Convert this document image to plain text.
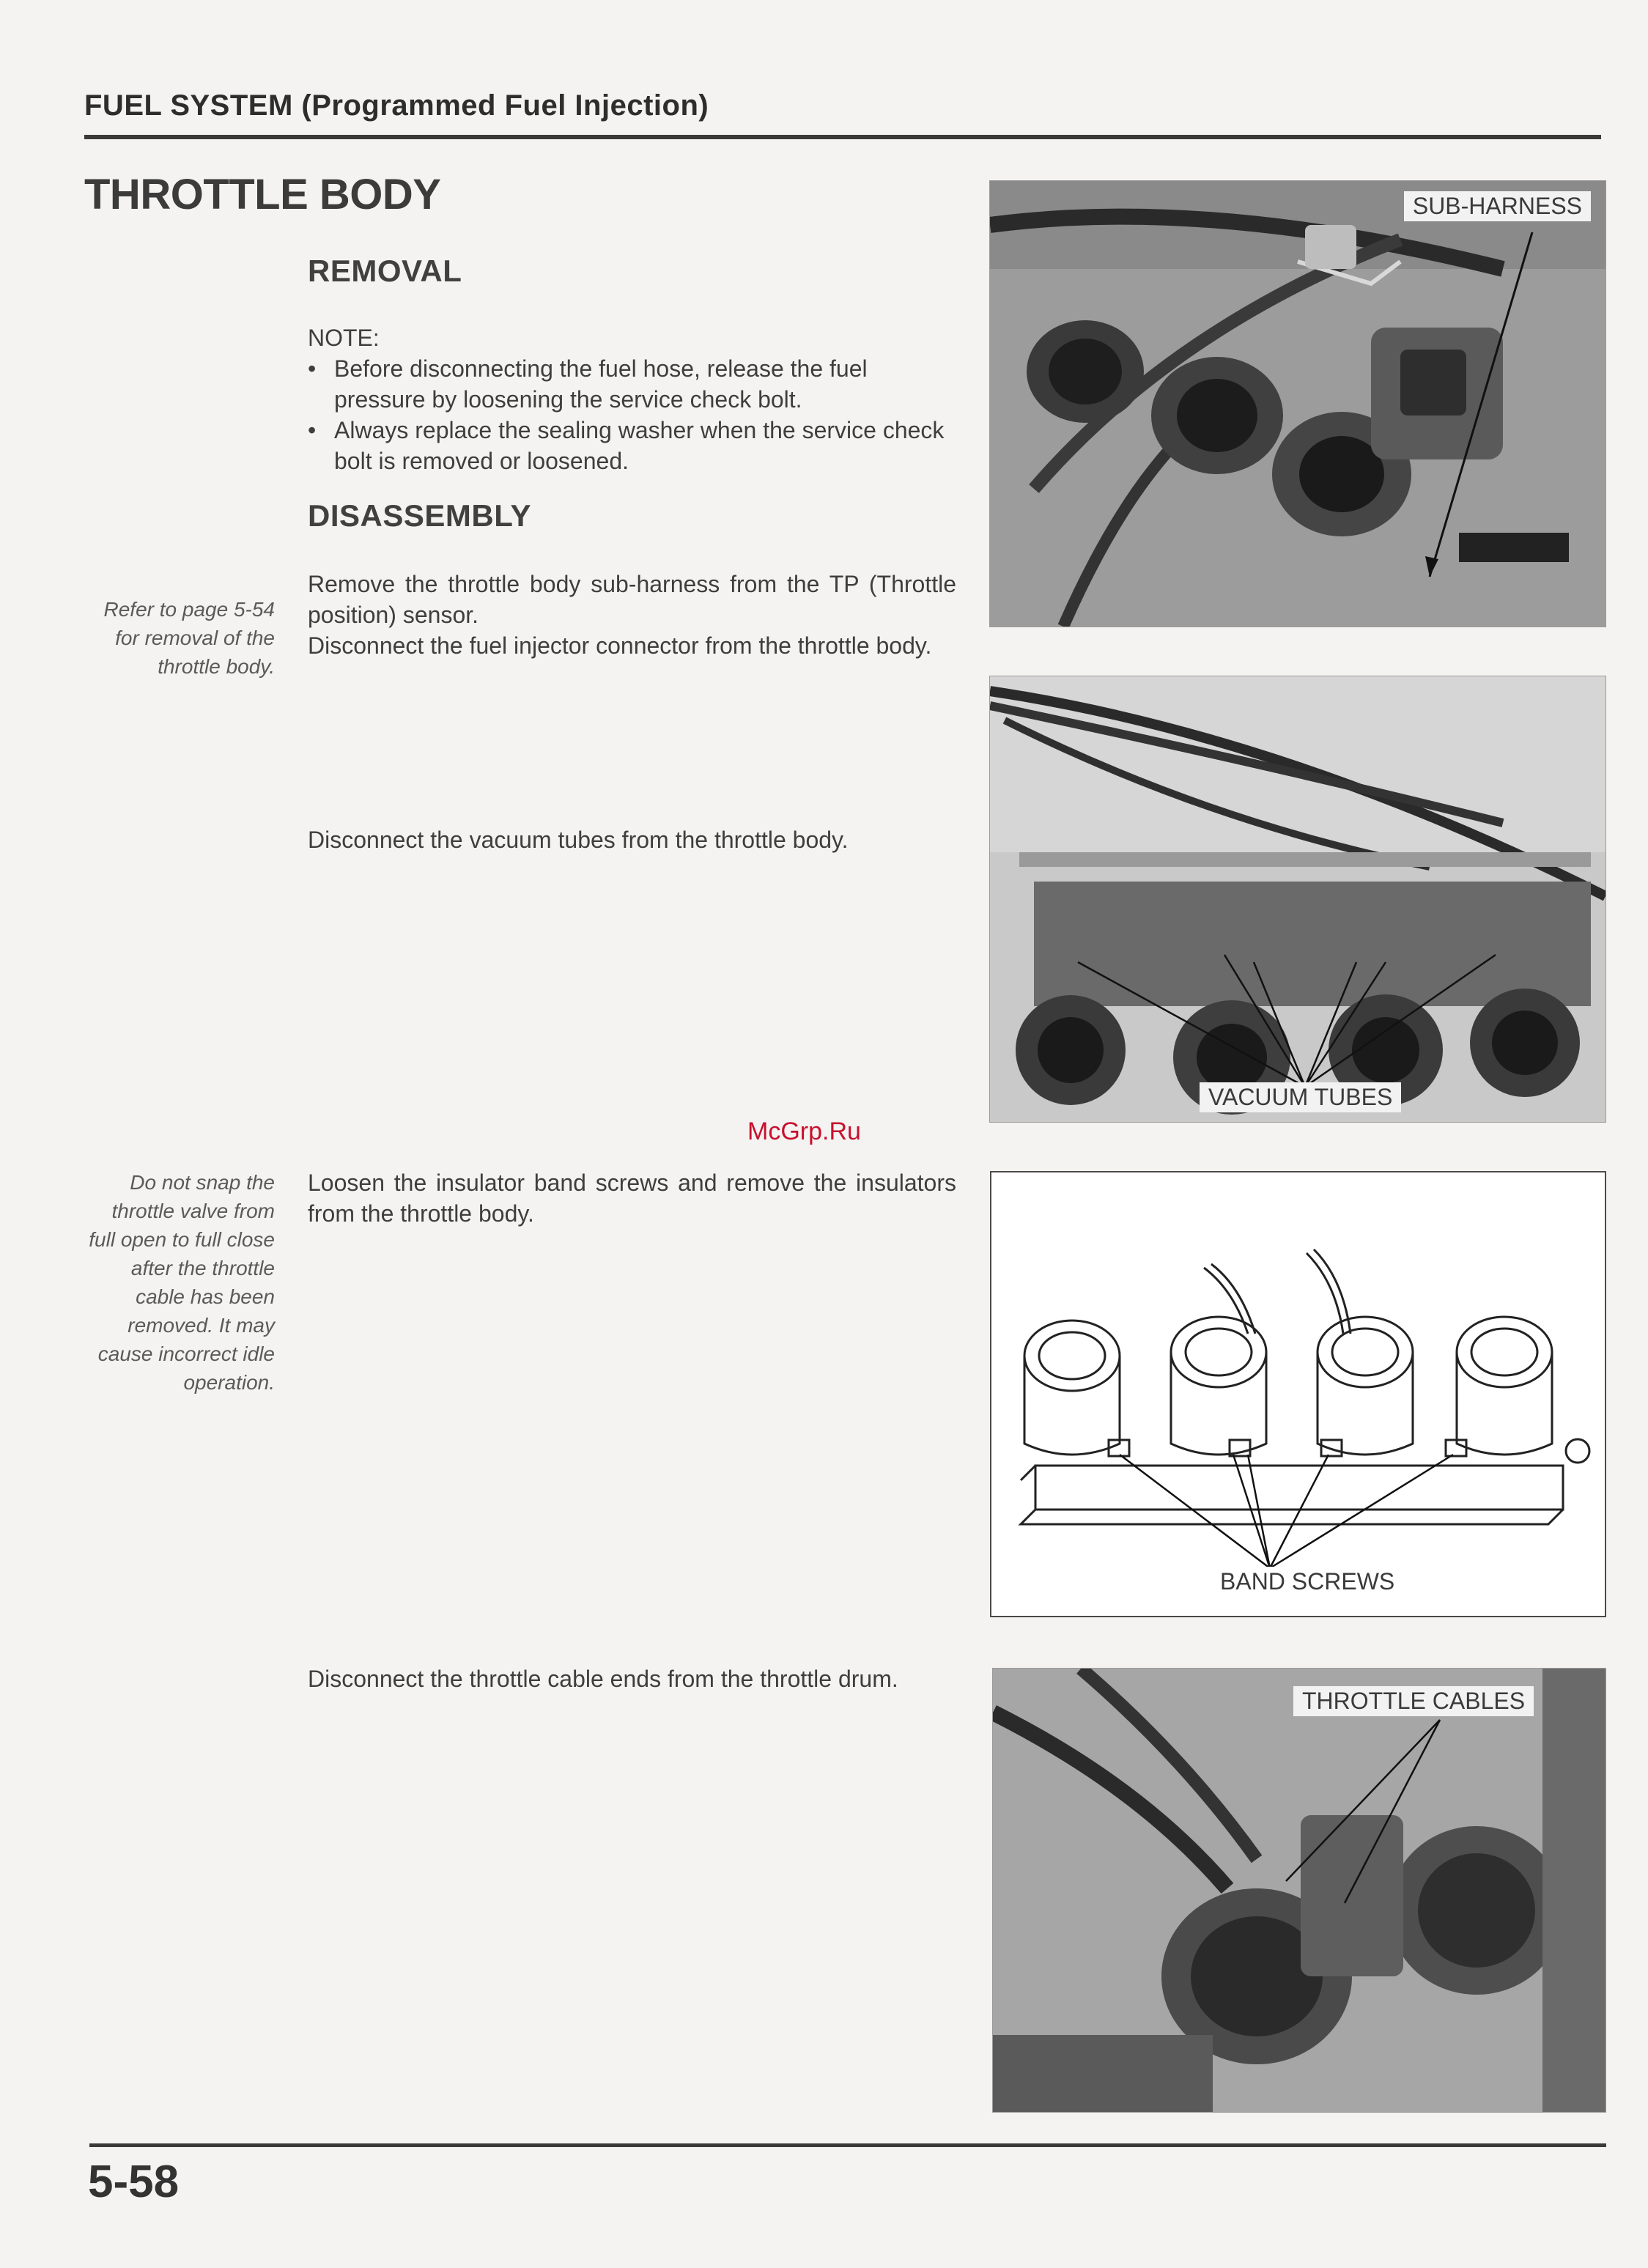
FUEL SYSTEM (Programmed Fuel Injection)
THROTTLE BODY
REMOVAL
NOTE:
• Before disconnecting the fuel hose, release the fuel pressure by loosening the service check bolt.
• Always replace the sealing washer when the service check bolt is removed or loosened.
DISASSEMBLY
Remove the throttle body sub-harness from the TP (Throttle position) sensor.
Disconnect the fuel injector connector from the throttle body.
Refer to page 5-54 for removal of the throttle body.
Disconnect the vacuum tubes from the throttle body.
McGrp.Ru
Loosen the insulator band screws and remove the insulators from the throttle body.
Do not snap the throttle valve from full open to full close after the throttle cable has been removed. It may cause incorrect idle operation.
Disconnect the throttle cable ends from the throttle drum.
SUB-HARNESS
VACUUM TUBES
BAND SCREWS
THROTTLE CABLES
5-58
